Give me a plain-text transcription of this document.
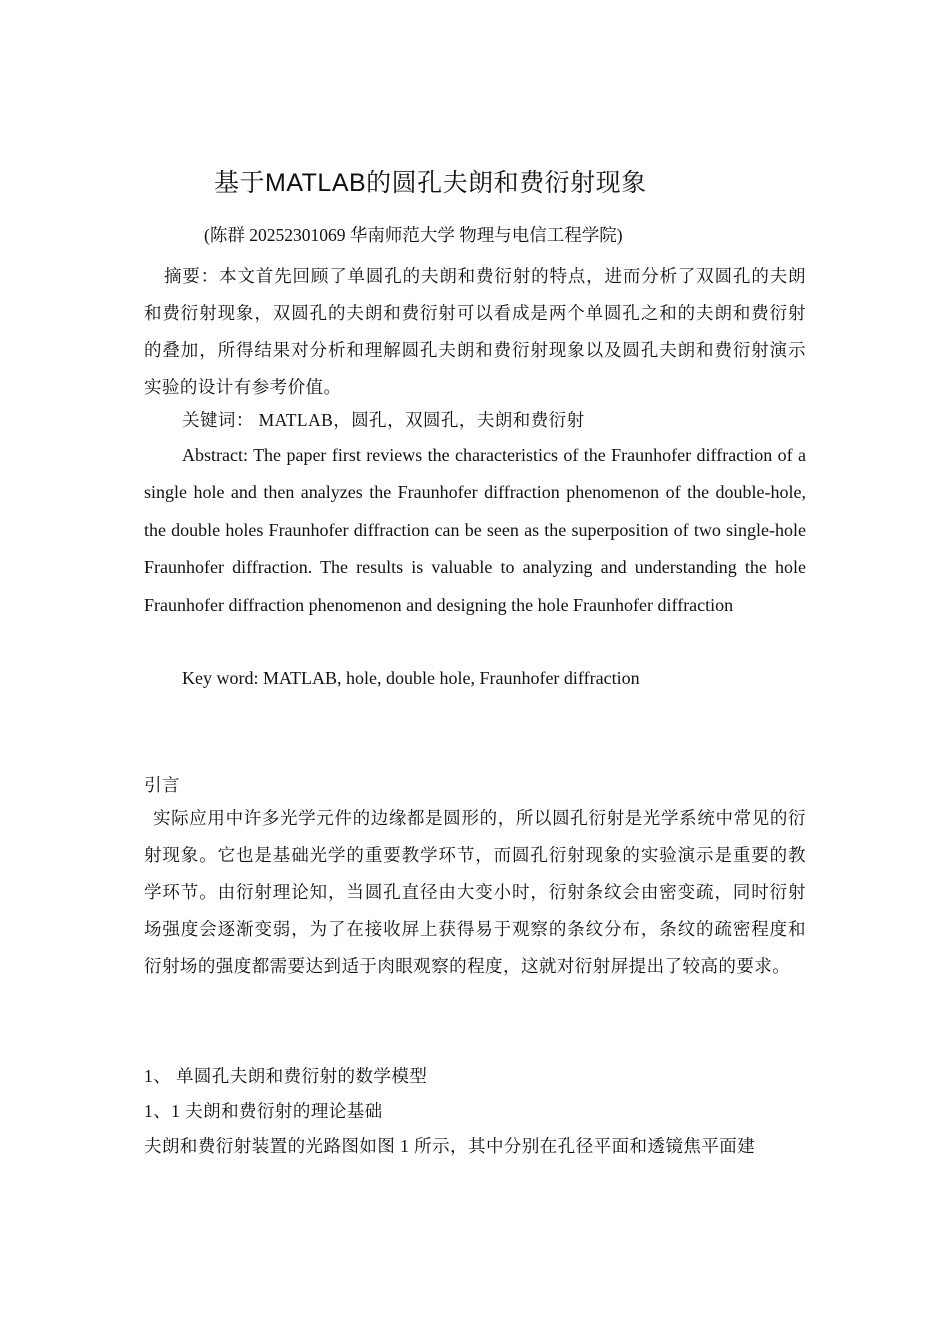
基于MATLAB的圆孔夫朗和费衍射现象
(陈群 20252301069 华南师范大学 物理与电信工程学院)
摘要：本文首先回顾了单圆孔的夫朗和费衍射的特点，进而分析了双圆孔的夫朗和费衍射现象，双圆孔的夫朗和费衍射可以看成是两个单圆孔之和的夫朗和费衍射的叠加，所得结果对分析和理解圆孔夫朗和费衍射现象以及圆孔夫朗和费衍射演示实验的设计有参考价值。
关键词： MATLAB，圆孔，双圆孔，夫朗和费衍射
Abstract: The paper first reviews the characteristics of the Fraunhofer diffraction of a single hole and then analyzes the Fraunhofer diffraction phenomenon of the double-hole, the double holes Fraunhofer diffraction can be seen as the superposition of two single-hole Fraunhofer diffraction. The results is valuable to analyzing and understanding the hole Fraunhofer diffraction phenomenon and designing the hole Fraunhofer diffraction
Key word: MATLAB, hole, double hole, Fraunhofer diffraction
引言
实际应用中许多光学元件的边缘都是圆形的，所以圆孔衍射是光学系统中常见的衍射现象。它也是基础光学的重要教学环节，而圆孔衍射现象的实验演示是重要的教学环节。由衍射理论知，当圆孔直径由大变小时，衍射条纹会由密变疏，同时衍射场强度会逐渐变弱，为了在接收屏上获得易于观察的条纹分布，条纹的疏密程度和衍射场的强度都需要达到适于肉眼观察的程度，这就对衍射屏提出了较高的要求。
1、 单圆孔夫朗和费衍射的数学模型
1、1 夫朗和费衍射的理论基础
夫朗和费衍射装置的光路图如图 1 所示，其中分别在孔径平面和透镜焦平面建
